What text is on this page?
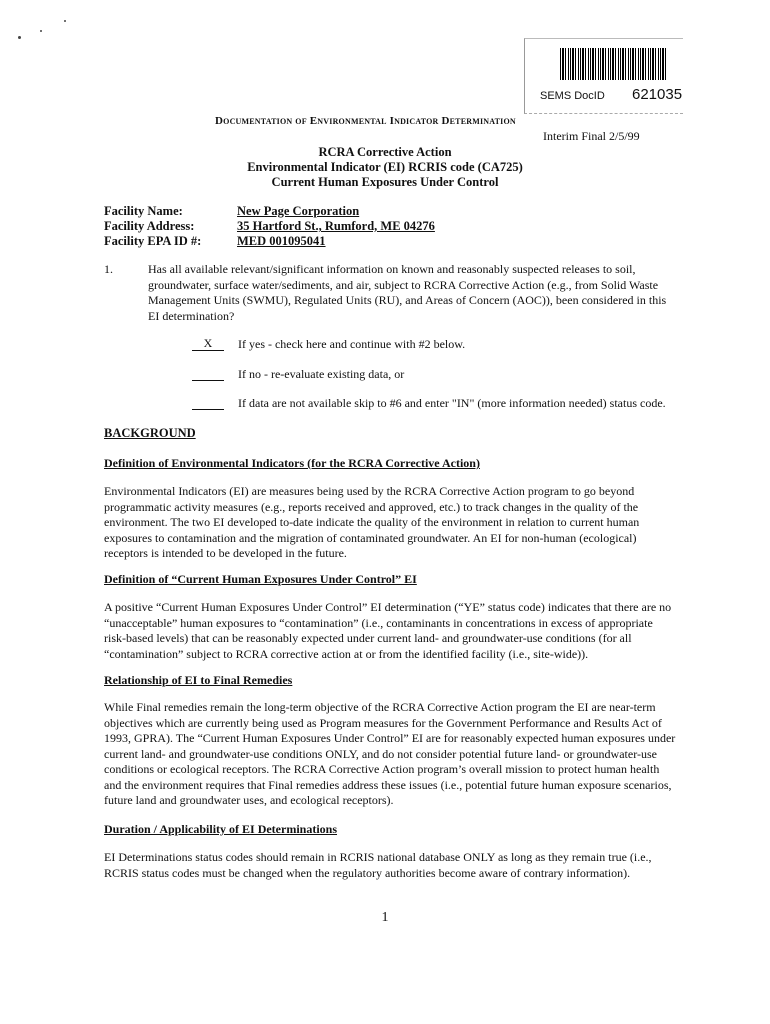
SEMS DocID 621035
Documentation of Environmental Indicator Determination
Interim Final 2/5/99
RCRA Corrective Action
Environmental Indicator (EI) RCRIS code (CA725)
Current Human Exposures Under Control
Facility Name:	New Page Corporation
Facility Address:	35 Hartford St., Rumford, ME 04276
Facility EPA ID #:	MED 001095041
1.	Has all available relevant/significant information on known and reasonably suspected releases to soil, groundwater, surface water/sediments, and air, subject to RCRA Corrective Action (e.g., from Solid Waste Management Units (SWMU), Regulated Units (RU), and Areas of Concern (AOC)), been considered in this EI determination?
X	If yes - check here and continue with #2 below.
If no - re-evaluate existing data, or
If data are not available skip to #6 and enter "IN" (more information needed) status code.
BACKGROUND
Definition of Environmental Indicators (for the RCRA Corrective Action)
Environmental Indicators (EI) are measures being used by the RCRA Corrective Action program to go beyond programmatic activity measures (e.g., reports received and approved, etc.) to track changes in the quality of the environment. The two EI developed to-date indicate the quality of the environment in relation to current human exposures to contamination and the migration of contaminated groundwater. An EI for non-human (ecological) receptors is intended to be developed in the future.
Definition of “Current Human Exposures Under Control” EI
A positive “Current Human Exposures Under Control” EI determination (“YE” status code) indicates that there are no “unacceptable” human exposures to “contamination” (i.e., contaminants in concentrations in excess of appropriate risk-based levels) that can be reasonably expected under current land- and groundwater-use conditions (for all “contamination” subject to RCRA corrective action at or from the identified facility (i.e., site-wide)).
Relationship of EI to Final Remedies
While Final remedies remain the long-term objective of the RCRA Corrective Action program the EI are near-term objectives which are currently being used as Program measures for the Government Performance and Results Act of 1993, GPRA). The “Current Human Exposures Under Control” EI are for reasonably expected human exposures under current land- and groundwater-use conditions ONLY, and do not consider potential future land- or groundwater-use conditions or ecological receptors. The RCRA Corrective Action program’s overall mission to protect human health and the environment requires that Final remedies address these issues (i.e., potential future human exposure scenarios, future land and groundwater uses, and ecological receptors).
Duration / Applicability of EI Determinations
EI Determinations status codes should remain in RCRIS national database ONLY as long as they remain true (i.e., RCRIS status codes must be changed when the regulatory authorities become aware of contrary information).
1
